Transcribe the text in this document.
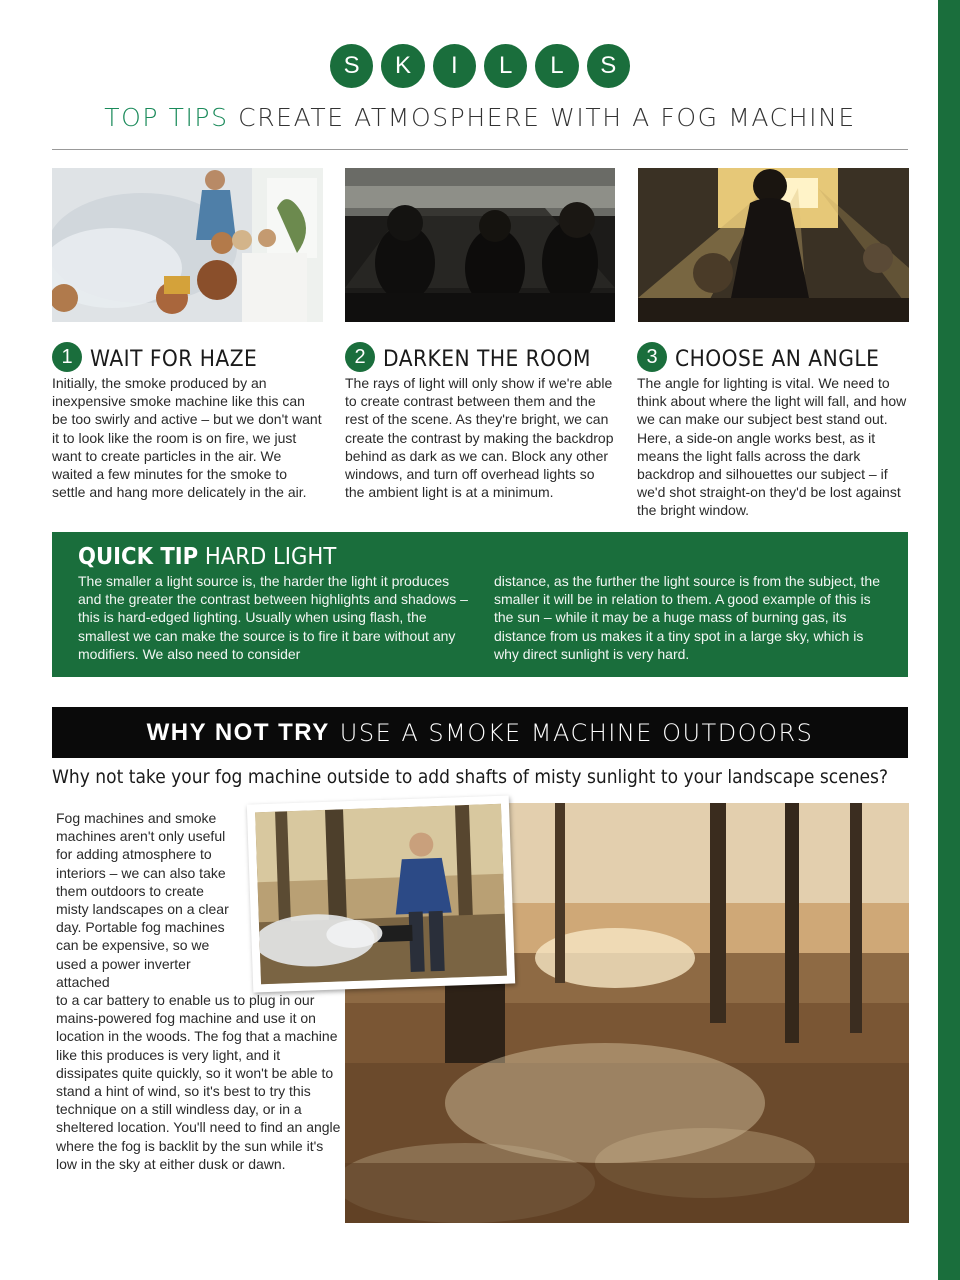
S	K	I	L	L	S
TOP TIPS CREATE ATMOSPHERE WITH A FOG MACHINE
1 WAIT FOR HAZE

Initially, the smoke produced by an inexpensive smoke machine like this can be too swirly and active – but we don't want it to look like the room is on fire, we just want to create particles in the air. We waited a few minutes for the smoke to settle and hang more delicately in the air.

2 DARKEN THE ROOM

The rays of light will only show if we're able to create contrast between them and the rest of the scene. As they're bright, we can create the contrast by making the backdrop behind as dark as we can. Block any other windows, and turn off overhead lights so the ambient light is at a minimum.

3 CHOOSE AN ANGLE

The angle for lighting is vital. We need to think about where the light will fall, and how we can make our subject best stand out. Here, a side-on angle works best, as it means the light falls across the dark backdrop and silhouettes our subject – if we'd shot straight-on they'd be lost against the bright window.

QUICK TIP HARD LIGHT

The smaller a light source is, the harder the light it produces and the greater the contrast between highlights and shadows – this is hard-edged lighting. Usually when using flash, the smallest we can make the source is to fire it bare without any modifiers. We also need to consider

distance, as the further the light source is from the subject, the smaller it will be in relation to them. A good example of this is the sun – while it may be a huge mass of burning gas, its distance from us makes it a tiny spot in a large sky, which is why direct sunlight is very hard.

WHY NOT TRY USE A SMOKE MACHINE OUTDOORS
Why not take your fog machine outside to add shafts of misty sunlight to your landscape scenes?
Fog machines and smoke machines aren't only useful for adding atmosphere to interiors – we can also take them outdoors to create misty landscapes on a clear day. Portable fog machines can be expensive, so we used a power inverter attached
to a car battery to enable us to plug in our mains-powered fog machine and use it on location in the woods. The fog that a machine like this produces is very light, and it dissipates quite quickly, so it won't be able to stand a hint of wind, so it's best to try this technique on a still windless day, or in a sheltered location. You'll need to find an angle where the fog is backlit by the sun while it's low in the sky at either dusk or dawn.
